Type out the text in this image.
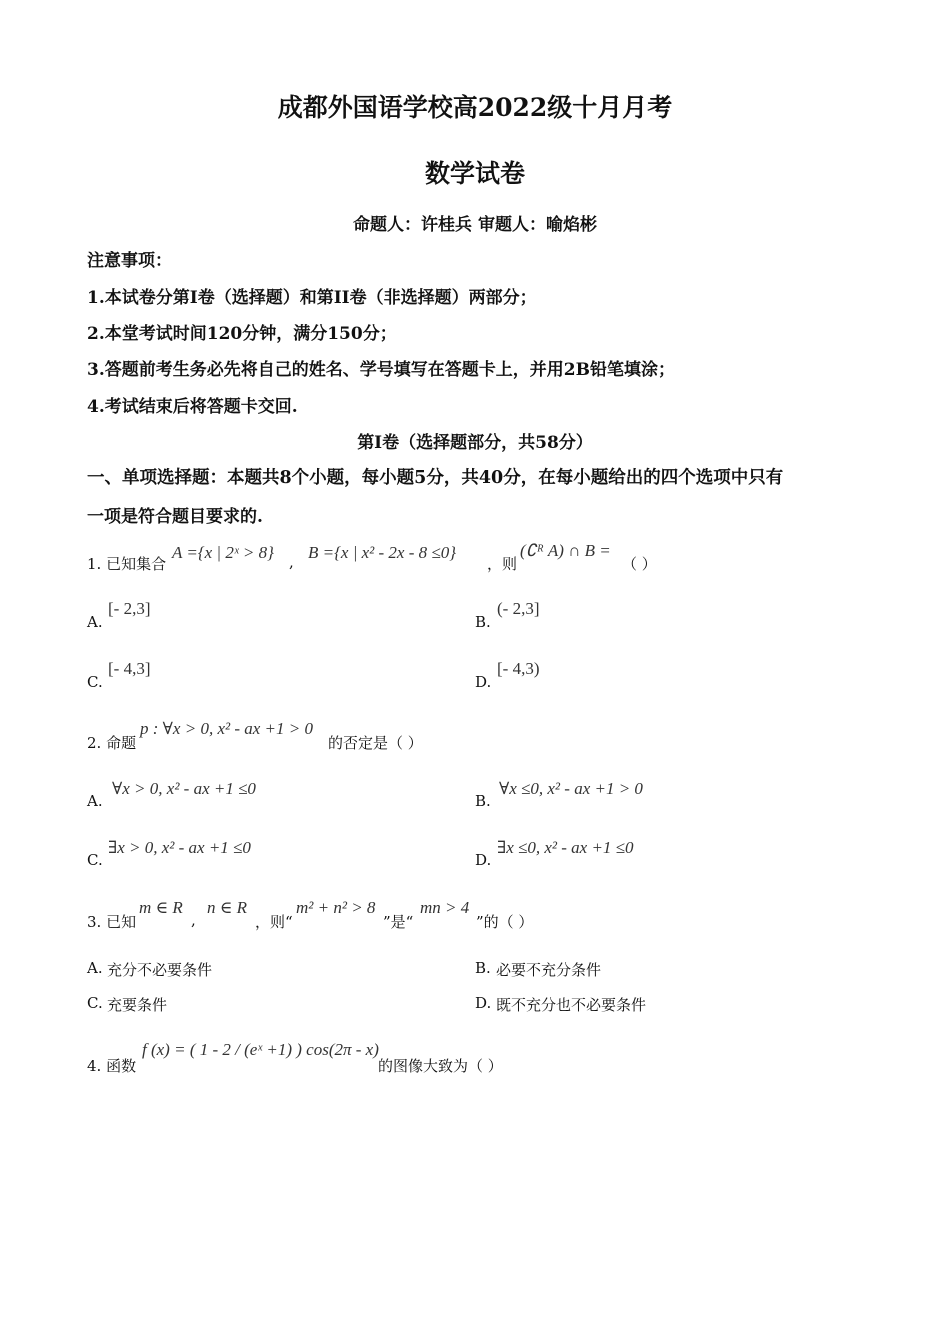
成都外国语学校高2022级十月月考
数学试卷
命题人：许桂兵 审题人：喻焰彬
注意事项：
1.本试卷分第I卷（选择题）和第II卷（非选择题）两部分；
2.本堂考试时间120分钟，满分150分；
3.答题前考生务必先将自己的姓名、学号填写在答题卡上，并用2B铅笔填涂；
4.考试结束后将答题卡交回.
第I卷（选择题部分，共58分）
一、单项选择题：本题共8个小题，每小题5分，共40分，在每小题给出的四个选项中只有
一项是符合题目要求的.
1. 已知集合
A ={x | 2ˣ > 8} , B ={x | x² - 2x - 8 ≤0}
，则
(∁ᴿ A) ∩ B =
（ ）
A.
[- 2,3]
B.
(- 2,3]
C.
[- 4,3]
D.
[- 4,3)
2. 命题
p : ∀x > 0, x² - ax +1 > 0
的否定是（ ）
A.
∀x > 0, x² - ax +1 ≤0
B.
∀x ≤0, x² - ax +1 > 0
C.
∃x > 0, x² - ax +1 ≤0
D.
∃x ≤0, x² - ax +1 ≤0
3. 已知
m ∈ R
,
n ∈ R
，则“
m² + n² > 8
”是“
mn > 4
”的（ ）
A. 充分不必要条件	B. 必要不充分条件
C. 充要条件	D. 既不充分也不必要条件
4. 函数
f (x) = ( 1 - 2 / (eˣ +1) ) cos(2π - x)
的图像大致为（ ）
